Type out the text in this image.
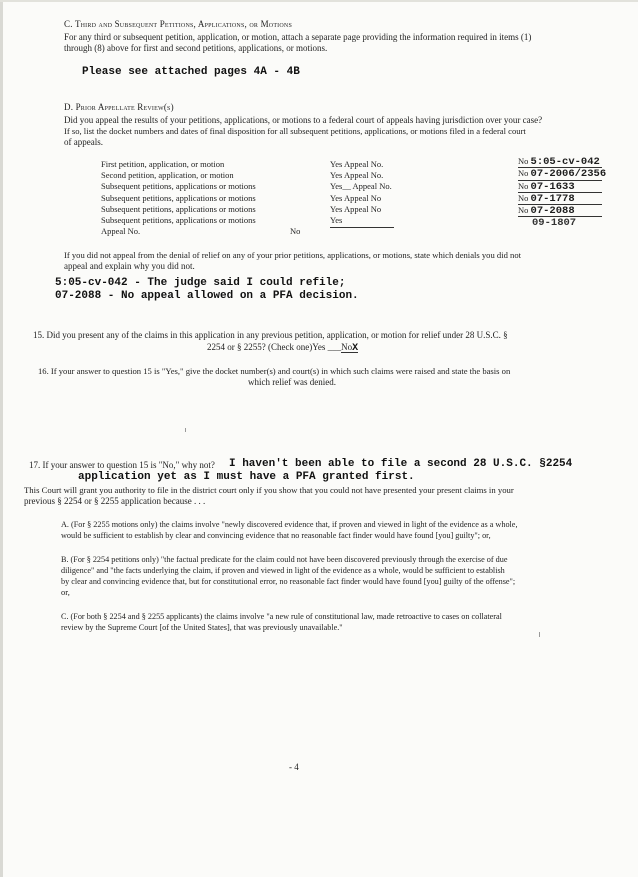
C. Third and Subsequent Petitions, Applications, or Motions
For any third or subsequent petition, application, or motion, attach a separate page providing the information required in items (1)
through (8) above for first and second petitions, applications, or motions.
Please see attached pages 4A - 4B
D. Prior Appellate Review(s)
Did you appeal the results of your petitions, applications, or motions to a federal court of appeals having jurisdiction over your case?
If so, list the docket numbers and dates of final disposition for all subsequent petitions, applications, or motions filed in a federal court
of appeals.
First petition, application, or motion
Second petition, application, or motion
Subsequent petitions, applications or motions
Subsequent petitions, applications or motions
Subsequent petitions, applications or motions
Subsequent petitions, applications or motions
Appeal No.	No
Yes Appeal No.
Yes Appeal No.
Yes__ Appeal No.
Yes Appeal No
Yes Appeal No
Yes
No 5:05-cv-042
No 07-2006/2356
No 07-1633
No 07-1778
No 07-2088
09-1807
If you did not appeal from the denial of relief on any of your prior petitions, applications, or motions, state which denials you did not
appeal and explain why you did not.
5:05-cv-042 - The judge said I could refile;
07-2088 - No appeal allowed on a PFA decision.
15. Did you present any of the claims in this application in any previous petition, application, or motion for relief under 28 U.S.C. §
2254 or § 2255? (Check one)Yes ___NoX
16. If your answer to question 15 is "Yes," give the docket number(s) and court(s) in which such claims were raised and state the basis on
which relief was denied.
17. If your answer to question 15 is "No," why not? I haven't been able to file a second 28 U.S.C. §2254
application yet as I must have a PFA granted first.
This Court will grant you authority to file in the district court only if you show that you could not have presented your present claims in your
previous § 2254 or § 2255 application because . . .
A. (For § 2255 motions only) the claims involve "newly discovered evidence that, if proven and viewed in light of the evidence as a whole,
would be sufficient to establish by clear and convincing evidence that no reasonable fact finder would have found [you] guilty"; or,
B. (For § 2254 petitions only) "the factual predicate for the claim could not have been discovered previously through the exercise of due
diligence" and "the facts underlying the claim, if proven and viewed in light of the evidence as a whole, would be sufficient to establish
by clear and convincing evidence that, but for constitutional error, no reasonable fact finder would have found [you] guilty of the offense";
or,
C. (For both § 2254 and § 2255 applicants) the claims involve "a new rule of constitutional law, made retroactive to cases on collateral
review by the Supreme Court [of the United States], that was previously unavailable."
- 4
